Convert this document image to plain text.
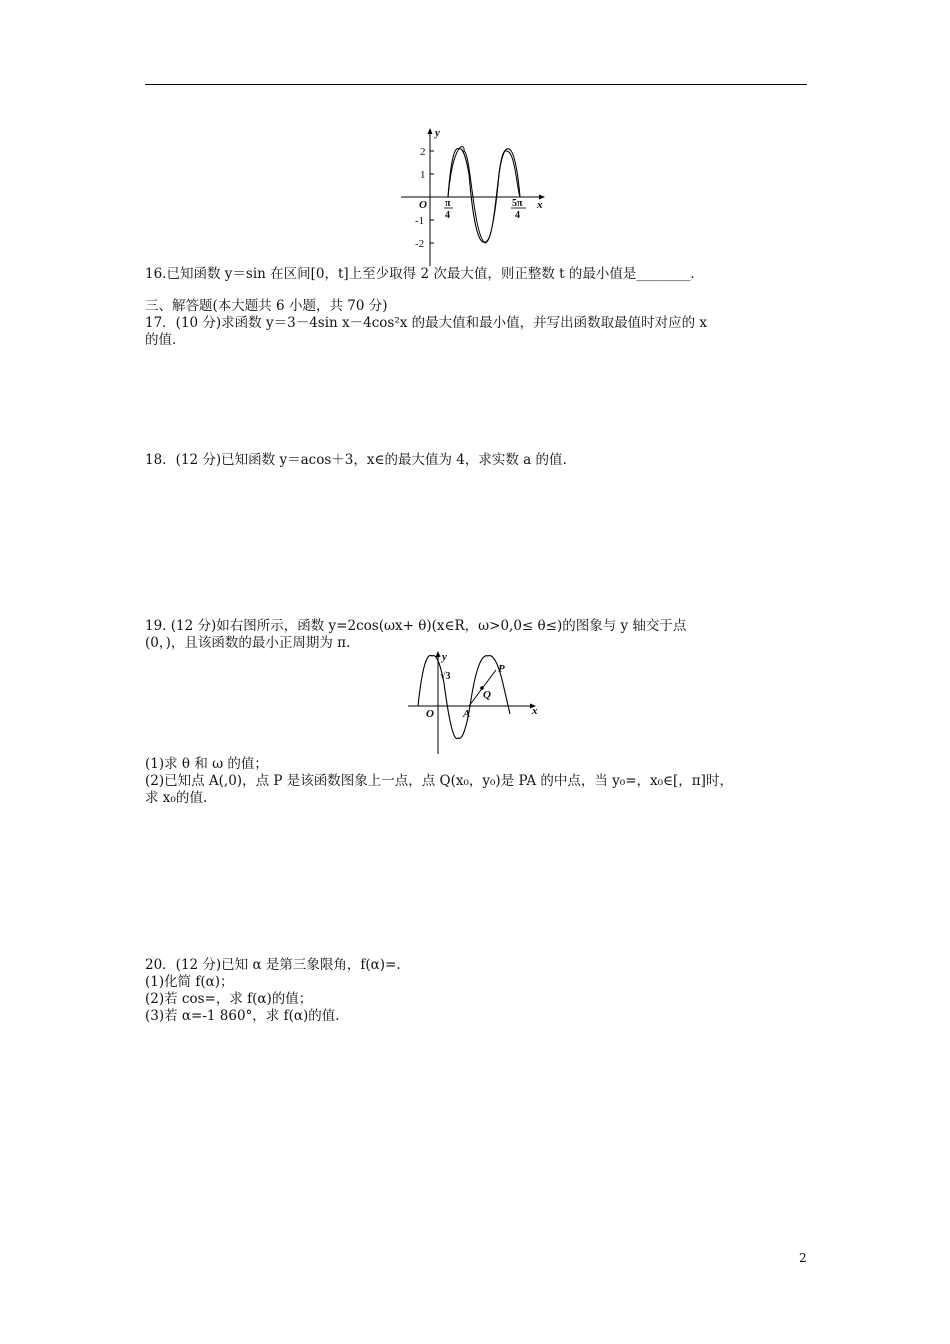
y
x
O
2
1
-1
-2
π
4
5π
4
16.已知函数 y＝sin 在区间[0，t]上至少取得 2 次最大值，则正整数 t 的最小值是________．
三、解答题(本大题共 6 小题，共 70 分)
17．(10 分)求函数 y＝3－4sin x－4cos²x 的最大值和最小值，并写出函数取最值时对应的 x
的值.
18．(12 分)已知函数 y＝acos＋3，x∈的最大值为 4，求实数 a 的值.
19. (12 分)如右图所示，函数 y=2cos(ωx+ θ)(x∈R，ω>0,0≤ θ≤)的图象与 y 轴交于点
(0，)，且该函数的最小正周期为 π.
y
x
O
√3
A
Q
P
(1)求 θ 和 ω 的值；
(2)已知点 A(,0)，点 P 是该函数图象上一点，点 Q(x₀，y₀)是 PA 的中点，当 y₀=，x₀∈[，π]时，
求 x₀的值.
20．(12 分)已知 α 是第三象限角，f(α)=.
(1)化简 f(α)；
(2)若 cos=，求 f(α)的值；
(3)若 α=-1 860°，求 f(α)的值.
2
